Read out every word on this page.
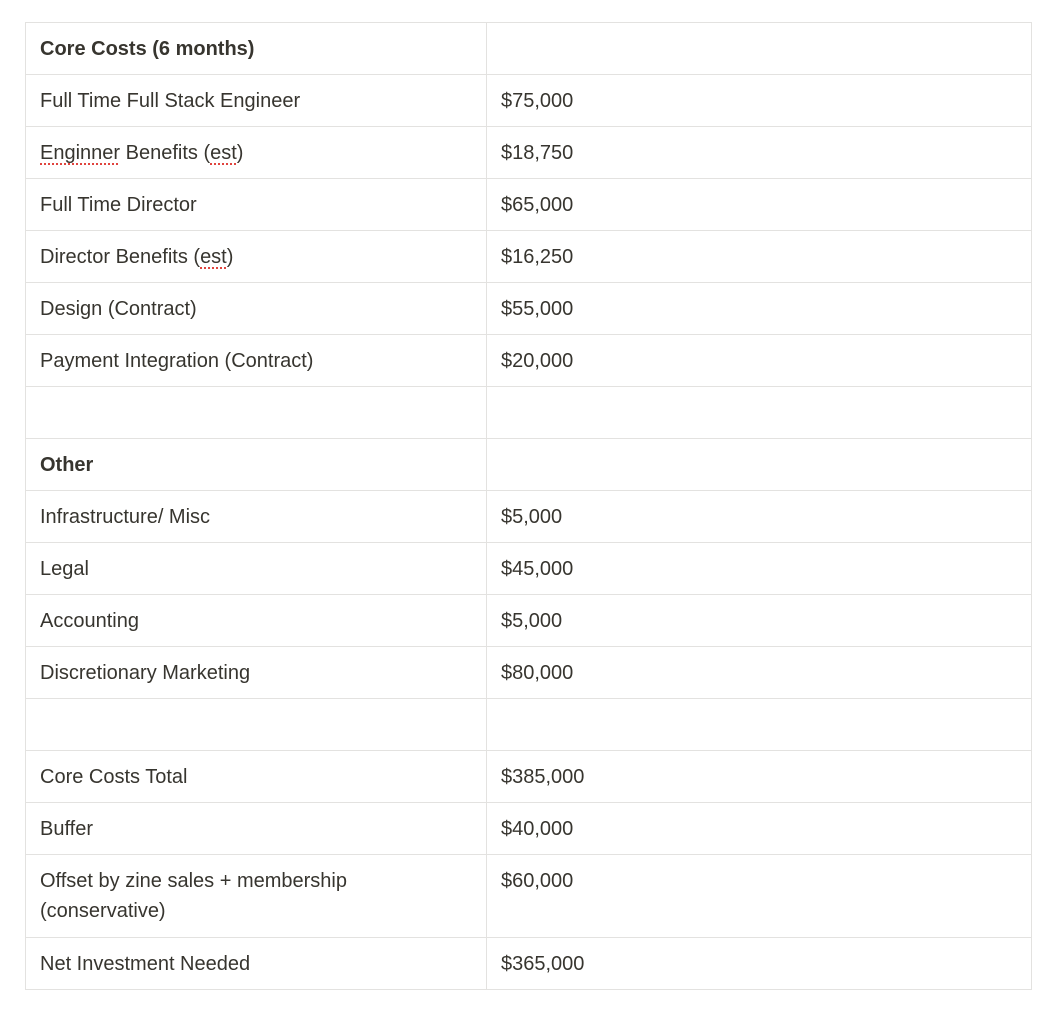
Core Costs (6 months)	
Full Time Full Stack Engineer	$75,000
Enginner Benefits (est)	$18,750
Full Time Director	$65,000
Director Benefits (est)	$16,250
Design (Contract)	$55,000
Payment Integration (Contract)	$20,000

Other	
Infrastructure/ Misc	$5,000
Legal	$45,000
Accounting	$5,000
Discretionary Marketing	$80,000

Core Costs Total	$385,000
Buffer	$40,000
Offset by zine sales + membership (conservative)	$60,000
Net Investment Needed	$365,000
